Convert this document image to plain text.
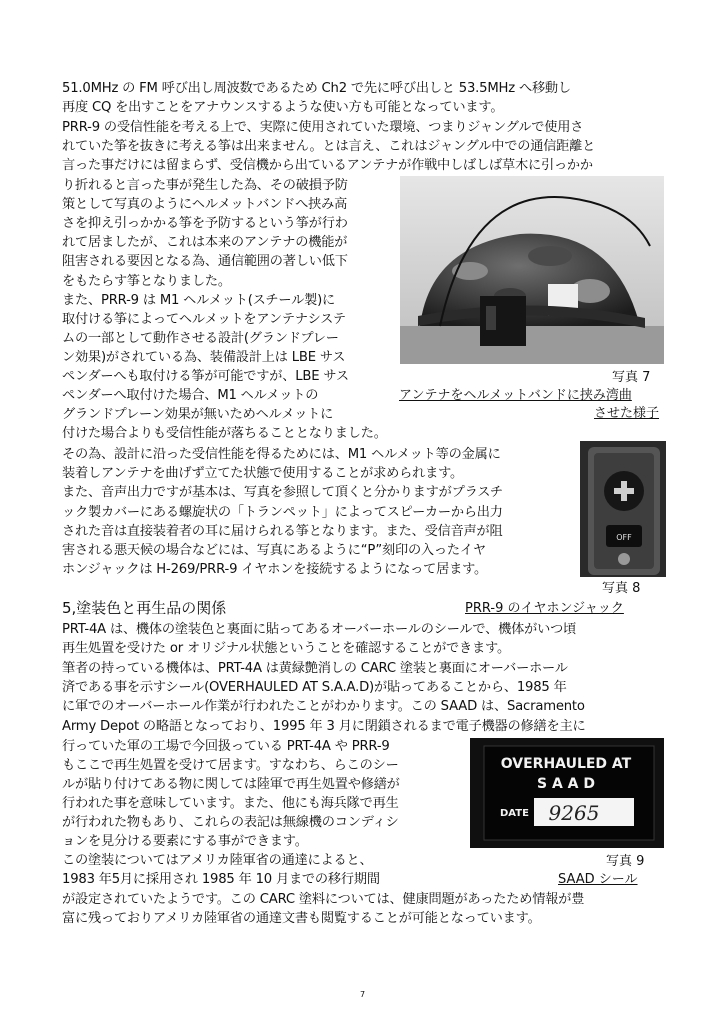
51.0MHz の FM 呼び出し周波数であるため Ch2 で先に呼び出しと 53.5MHz へ移動し
再度 CQ を出すことをアナウンスするような使い方も可能となっています。
PRR-9 の受信性能を考える上で、実際に使用されていた環境、つまりジャングルで使用さ
れていた筝を抜きに考える筝は出来ません。とは言え、これはジャングル中での通信距離と
言った事だけには留まらず、受信機から出ているアンテナが作戦中しばしば草木に引っかか
り折れると言った事が発生した為、その破損予防
策として写真のようにヘルメットバンドへ挟み高
さを抑え引っかかる筝を予防するという筝が行わ
れて居ましたが、これは本来のアンテナの機能が
阻害される要因となる為、通信範囲の著しい低下
をもたらす筝となりました。
また、PRR-9 は M1 ヘルメット(スチール製)に
取付ける筝によってヘルメットをアンテナシステ
ムの一部として動作させる設計(グランドプレー
ン効果)がされている為、装備設計上は LBE サス
ペンダーへも取付ける筝が可能ですが、LBE サス
ペンダーへ取付けた場合、M1 ヘルメットの
グランドプレーン効果が無いためヘルメットに
付けた場合よりも受信性能が落ちることとなりました。
写真 7
アンテナをヘルメットバンドに挟み湾曲
させた様子
その為、設計に沿った受信性能を得るためには、M1 ヘルメット等の金属に
装着しアンテナを曲げず立てた状態で使用することが求められます。
また、音声出力ですが基本は、写真を参照して頂くと分かりますがプラスチ
ック製カバーにある螺旋状の「トランペット」によってスピーカーから出力
された音は直接装着者の耳に届けられる筝となります。また、受信音声が阻
害される悪天候の場合などには、写真にあるように“P”刻印の入ったイヤ
ホンジャックは H-269/PRR-9 イヤホンを接続するようになって居ます。
OFF
写真 8
5,塗装色と再生品の関係	PRR-9 のイヤホンジャック
PRT-4A は、機体の塗装色と裏面に貼ってあるオーバーホールのシールで、機体がいつ頃
再生処置を受けた or オリジナル状態ということを確認することができます。
筆者の持っている機体は、PRT-4A は黄緑艶消しの CARC 塗装と裏面にオーバーホール
済である事を示すシール(OVERHAULED AT S.A.A.D)が貼ってあることから、1985 年
に軍でのオーバーホール作業が行われたことがわかります。この SAAD は、Sacramento
Army Depot の略語となっており、1995 年 3 月に閉鎖されるまで電子機器の修繕を主に
行っていた軍の工場で今回扱っている PRT-4A や PRR-9
もここで再生処置を受けて居ます。すなわち、らこのシー
ルが貼り付けてある物に関しては陸軍で再生処置や修繕が
行われた事を意味しています。また、他にも海兵隊で再生
が行われた物もあり、これらの表記は無線機のコンディシ
ョンを見分ける要素にする事ができます。
この塗装についてはアメリカ陸軍省の通達によると、
1983 年5月に採用され 1985 年 10 月までの移行期間
OVERHAULED AT
S A A D
DATE 9265
写真 9
SAAD シール
が設定されていたようです。この CARC 塗料については、健康問題があったため情報が豊
富に残っておりアメリカ陸軍省の通達文書も閲覧することが可能となっています。
7
